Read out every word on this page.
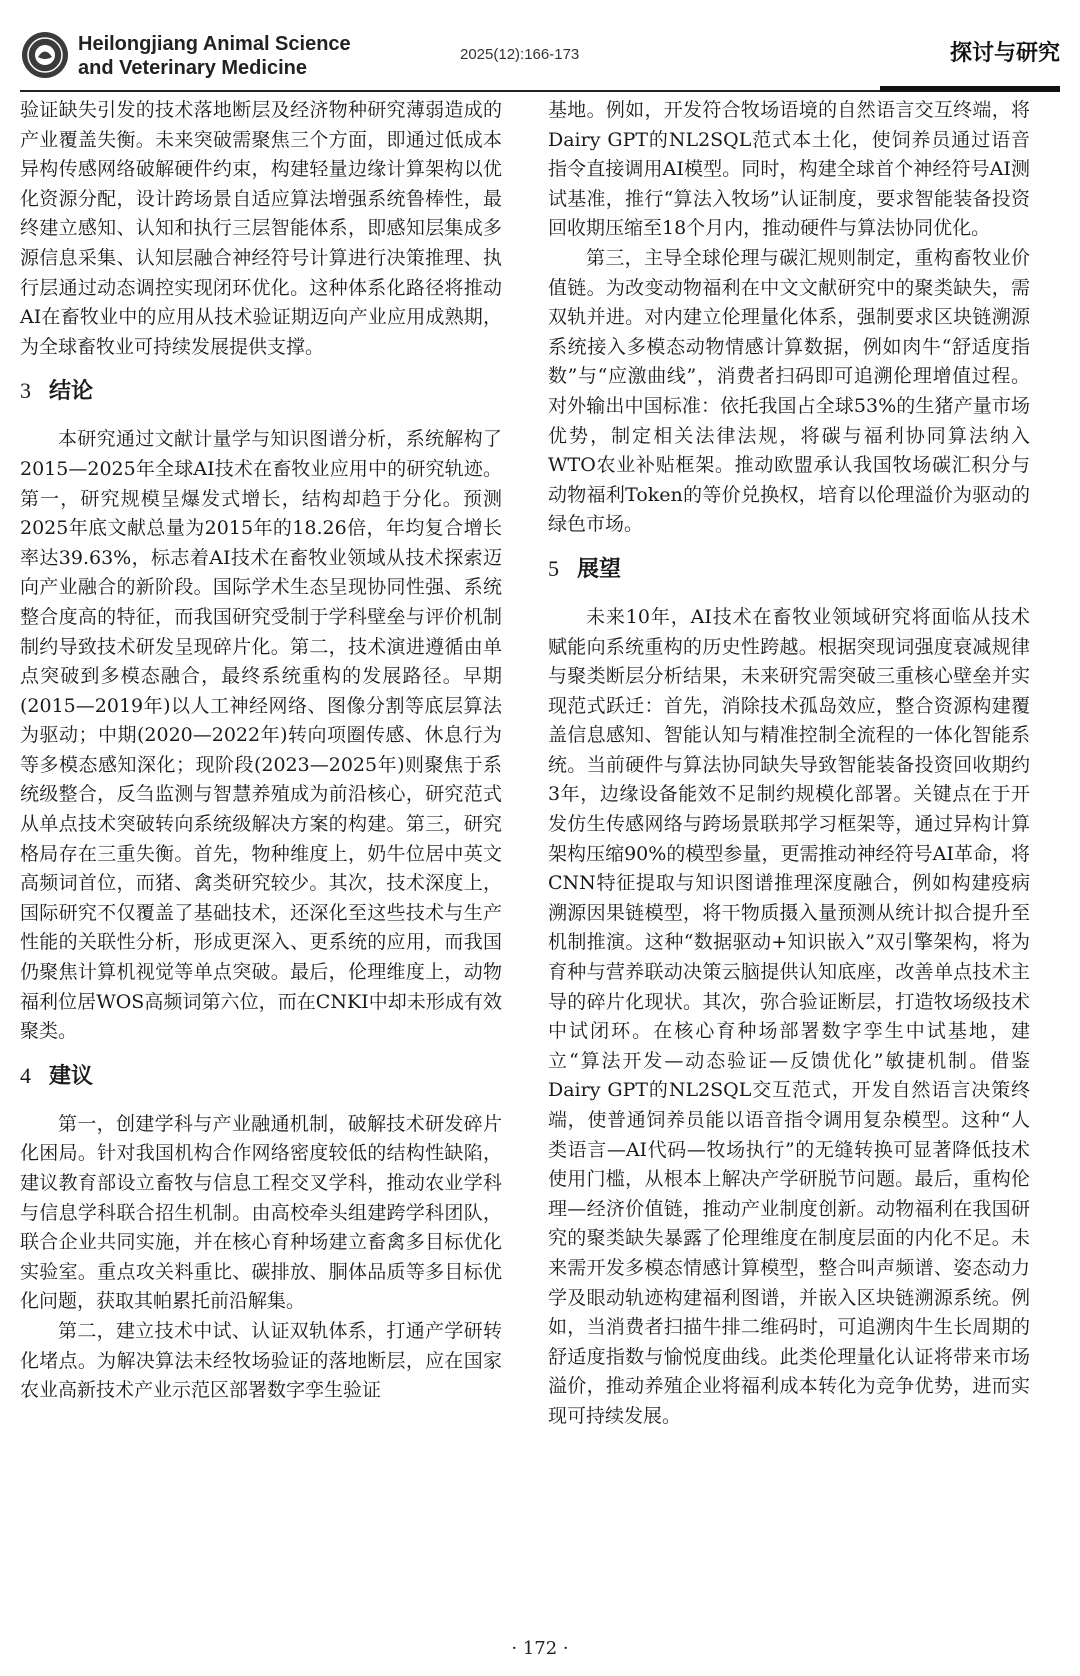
Heilongjiang Animal Science
and Veterinary Medicine
2025(12):166-173	探讨与研究

验证缺失引发的技术落地断层及经济物种研究薄弱造成的产业覆盖失衡。未来突破需聚焦三个方面，即通过低成本异构传感网络破解硬件约束，构建轻量边缘计算架构以优化资源分配，设计跨场景自适应算法增强系统鲁棒性，最终建立感知、认知和执行三层智能体系，即感知层集成多源信息采集、认知层融合神经符号计算进行决策推理、执行层通过动态调控实现闭环优化。这种体系化路径将推动AI在畜牧业中的应用从技术验证期迈向产业应用成熟期，为全球畜牧业可持续发展提供支撑。

3 结论

本研究通过文献计量学与知识图谱分析，系统解构了2015—2025年全球AI技术在畜牧业应用中的研究轨迹。第一，研究规模呈爆发式增长，结构却趋于分化。预测2025年底文献总量为2015年的18.26倍，年均复合增长率达39.63%，标志着AI技术在畜牧业领域从技术探索迈向产业融合的新阶段。国际学术生态呈现协同性强、系统整合度高的特征，而我国研究受制于学科壁垒与评价机制制约导致技术研发呈现碎片化。第二，技术演进遵循由单点突破到多模态融合，最终系统重构的发展路径。早期(2015—2019年)以人工神经网络、图像分割等底层算法为驱动；中期(2020—2022年)转向项圈传感、休息行为等多模态感知深化；现阶段(2023—2025年)则聚焦于系统级整合，反刍监测与智慧养殖成为前沿核心，研究范式从单点技术突破转向系统级解决方案的构建。第三，研究格局存在三重失衡。首先，物种维度上，奶牛位居中英文高频词首位，而猪、禽类研究较少。其次，技术深度上，国际研究不仅覆盖了基础技术，还深化至这些技术与生产性能的关联性分析，形成更深入、更系统的应用，而我国仍聚焦计算机视觉等单点突破。最后，伦理维度上，动物福利位居WOS高频词第六位，而在CNKI中却未形成有效聚类。

4 建议

第一，创建学科与产业融通机制，破解技术研发碎片化困局。针对我国机构合作网络密度较低的结构性缺陷，建议教育部设立畜牧与信息工程交叉学科，推动农业学科与信息学科联合招生机制。由高校牵头组建跨学科团队，联合企业共同实施，并在核心育种场建立畜禽多目标优化实验室。重点攻关料重比、碳排放、胴体品质等多目标优化问题，获取其帕累托前沿解集。

第二，建立技术中试、认证双轨体系，打通产学研转化堵点。为解决算法未经牧场验证的落地断层，应在国家农业高新技术产业示范区部署数字孪生验证

基地。例如，开发符合牧场语境的自然语言交互终端，将Dairy GPT的NL2SQL范式本土化，使饲养员通过语音指令直接调用AI模型。同时，构建全球首个神经符号AI测试基准，推行“算法入牧场”认证制度，要求智能装备投资回收期压缩至18个月内，推动硬件与算法协同优化。

第三，主导全球伦理与碳汇规则制定，重构畜牧业价值链。为改变动物福利在中文文献研究中的聚类缺失，需双轨并进。对内建立伦理量化体系，强制要求区块链溯源系统接入多模态动物情感计算数据，例如肉牛“舒适度指数”与“应激曲线”，消费者扫码即可追溯伦理增值过程。对外输出中国标准：依托我国占全球53%的生猪产量市场优势，制定相关法律法规，将碳与福利协同算法纳入WTO农业补贴框架。推动欧盟承认我国牧场碳汇积分与动物福利Token的等价兑换权，培育以伦理溢价为驱动的绿色市场。

5 展望

未来10年，AI技术在畜牧业领域研究将面临从技术赋能向系统重构的历史性跨越。根据突现词强度衰减规律与聚类断层分析结果，未来研究需突破三重核心壁垒并实现范式跃迁：首先，消除技术孤岛效应，整合资源构建覆盖信息感知、智能认知与精准控制全流程的一体化智能系统。当前硬件与算法协同缺失导致智能装备投资回收期约3年，边缘设备能效不足制约规模化部署。关键点在于开发仿生传感网络与跨场景联邦学习框架等，通过异构计算架构压缩90%的模型参量，更需推动神经符号AI革命，将CNN特征提取与知识图谱推理深度融合，例如构建疫病溯源因果链模型，将干物质摄入量预测从统计拟合提升至机制推演。这种“数据驱动+知识嵌入”双引擎架构，将为育种与营养联动决策云脑提供认知底座，改善单点技术主导的碎片化现状。其次，弥合验证断层，打造牧场级技术中试闭环。在核心育种场部署数字孪生中试基地，建立“算法开发—动态验证—反馈优化”敏捷机制。借鉴Dairy GPT的NL2SQL交互范式，开发自然语言决策终端，使普通饲养员能以语音指令调用复杂模型。这种“人类语言—AI代码—牧场执行”的无缝转换可显著降低技术使用门槛，从根本上解决产学研脱节问题。最后，重构伦理—经济价值链，推动产业制度创新。动物福利在我国研究的聚类缺失暴露了伦理维度在制度层面的内化不足。未来需开发多模态情感计算模型，整合叫声频谱、姿态动力学及眼动轨迹构建福利图谱，并嵌入区块链溯源系统。例如，当消费者扫描牛排二维码时，可追溯肉牛生长周期的舒适度指数与愉悦度曲线。此类伦理量化认证将带来市场溢价，推动养殖企业将福利成本转化为竞争优势，进而实现可持续发展。

· 172 ·
